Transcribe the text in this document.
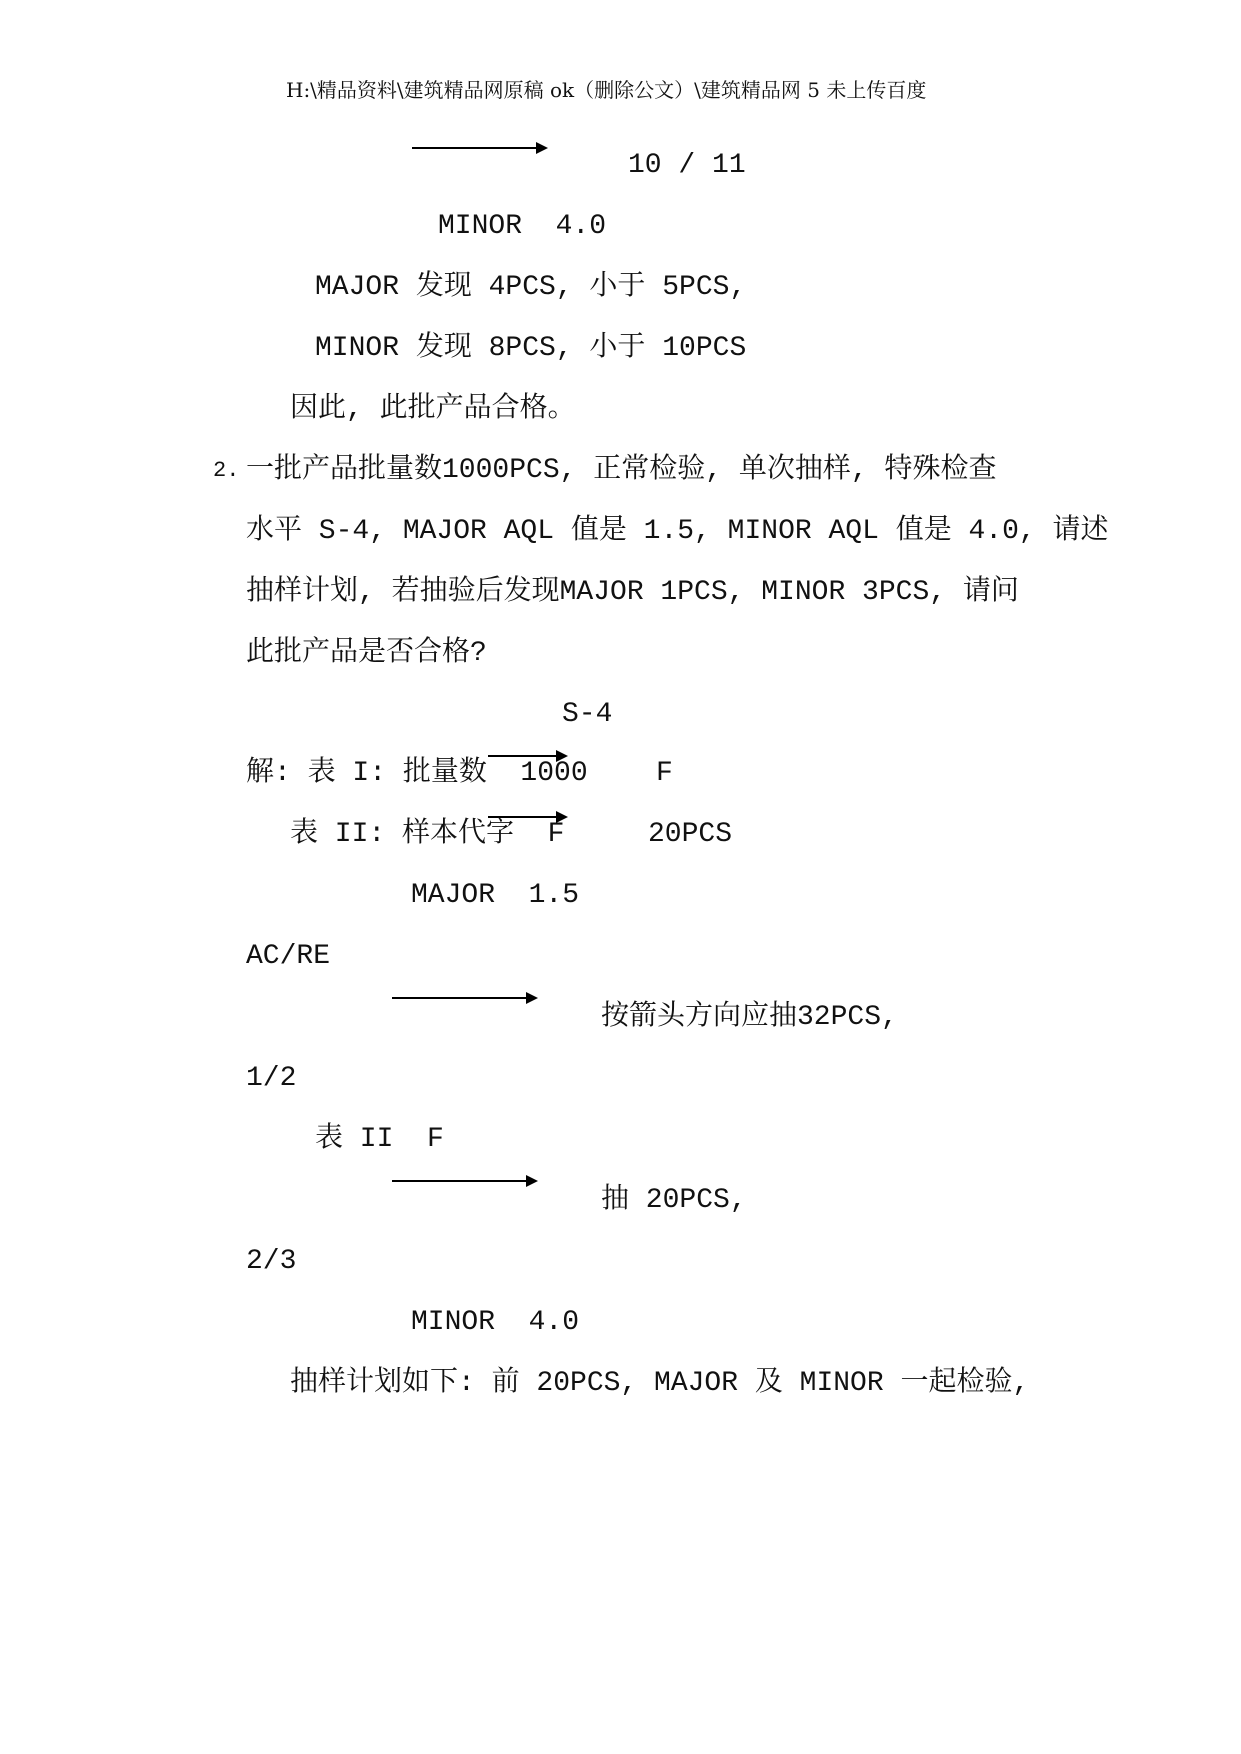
H:\精品资料\建筑精品网原稿 ok（删除公文）\建筑精品网 5 未上传百度
10 / 11
MINOR  4.0
MAJOR 发现 4PCS, 小于 5PCS,
MINOR 发现 8PCS, 小于 10PCS
因此, 此批产品合格。
2. 一批产品批量数1000PCS, 正常检验, 单次抽样, 特殊检查
水平 S-4, MAJOR AQL 值是 1.5, MINOR AQL 值是 4.0, 请述
抽样计划, 若抽验后发现MAJOR 1PCS, MINOR 3PCS, 请问
此批产品是否合格?
S-4
解: 表 I: 批量数  1000 F
表 II: 样本代字  F	20PCS
MAJOR  1.5
AC/RE
按箭头方向应抽32PCS,
1/2
表 II  F
抽 20PCS,
2/3
MINOR  4.0
抽样计划如下: 前 20PCS, MAJOR 及 MINOR 一起检验,
